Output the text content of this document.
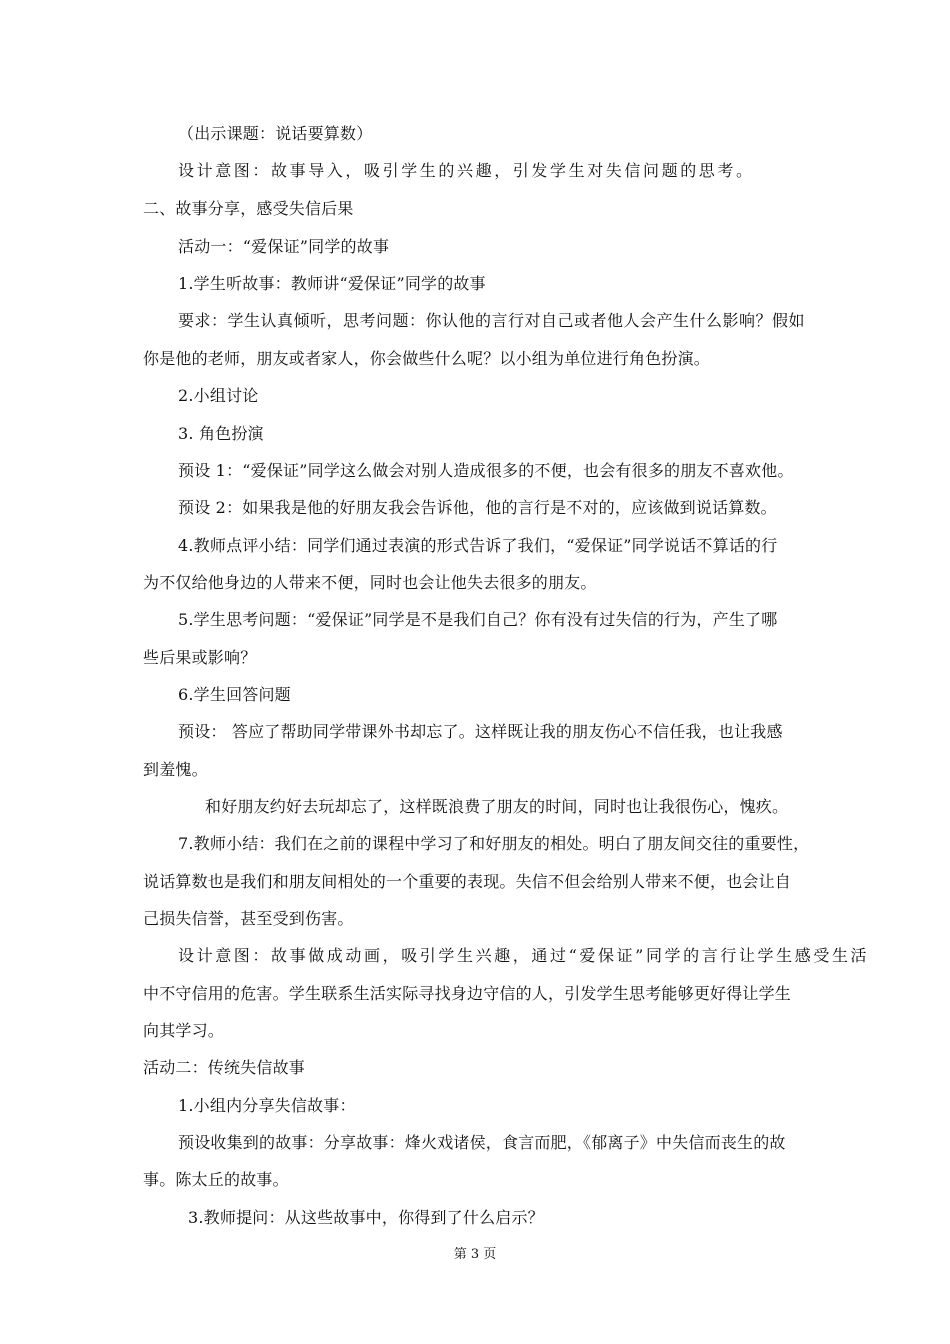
（出示课题：说话要算数）
设计意图：故事导入，吸引学生的兴趣，引发学生对失信问题的思考。
二、故事分享，感受失信后果
活动一：“爱保证”同学的故事
1.学生听故事：教师讲“爱保证”同学的故事
要求：学生认真倾听，思考问题：你认他的言行对自己或者他人会产生什么影响？假如
你是他的老师，朋友或者家人，你会做些什么呢？以小组为单位进行角色扮演。
2.小组讨论
3. 角色扮演
预设 1：“爱保证”同学这么做会对别人造成很多的不便，也会有很多的朋友不喜欢他。
预设 2：如果我是他的好朋友我会告诉他，他的言行是不对的，应该做到说话算数。
4.教师点评小结：同学们通过表演的形式告诉了我们，“爱保证”同学说话不算话的行
为不仅给他身边的人带来不便，同时也会让他失去很多的朋友。
5.学生思考问题：“爱保证”同学是不是我们自己？你有没有过失信的行为，产生了哪
些后果或影响？
6.学生回答问题
预设： 答应了帮助同学带课外书却忘了。这样既让我的朋友伤心不信任我，也让我感
到羞愧。
和好朋友约好去玩却忘了，这样既浪费了朋友的时间，同时也让我很伤心，愧疚。
7.教师小结：我们在之前的课程中学习了和好朋友的相处。明白了朋友间交往的重要性，
说话算数也是我们和朋友间相处的一个重要的表现。失信不但会给别人带来不便，也会让自
己损失信誉，甚至受到伤害。
设计意图：故事做成动画，吸引学生兴趣，通过“爱保证”同学的言行让学生感受生活
中不守信用的危害。学生联系生活实际寻找身边守信的人，引发学生思考能够更好得让学生
向其学习。
活动二：传统失信故事
1.小组内分享失信故事：
预设收集到的故事：分享故事：烽火戏诸侯，食言而肥，《郁离子》中失信而丧生的故
事。陈太丘的故事。
3.教师提问：从这些故事中，你得到了什么启示？
第 3 页
